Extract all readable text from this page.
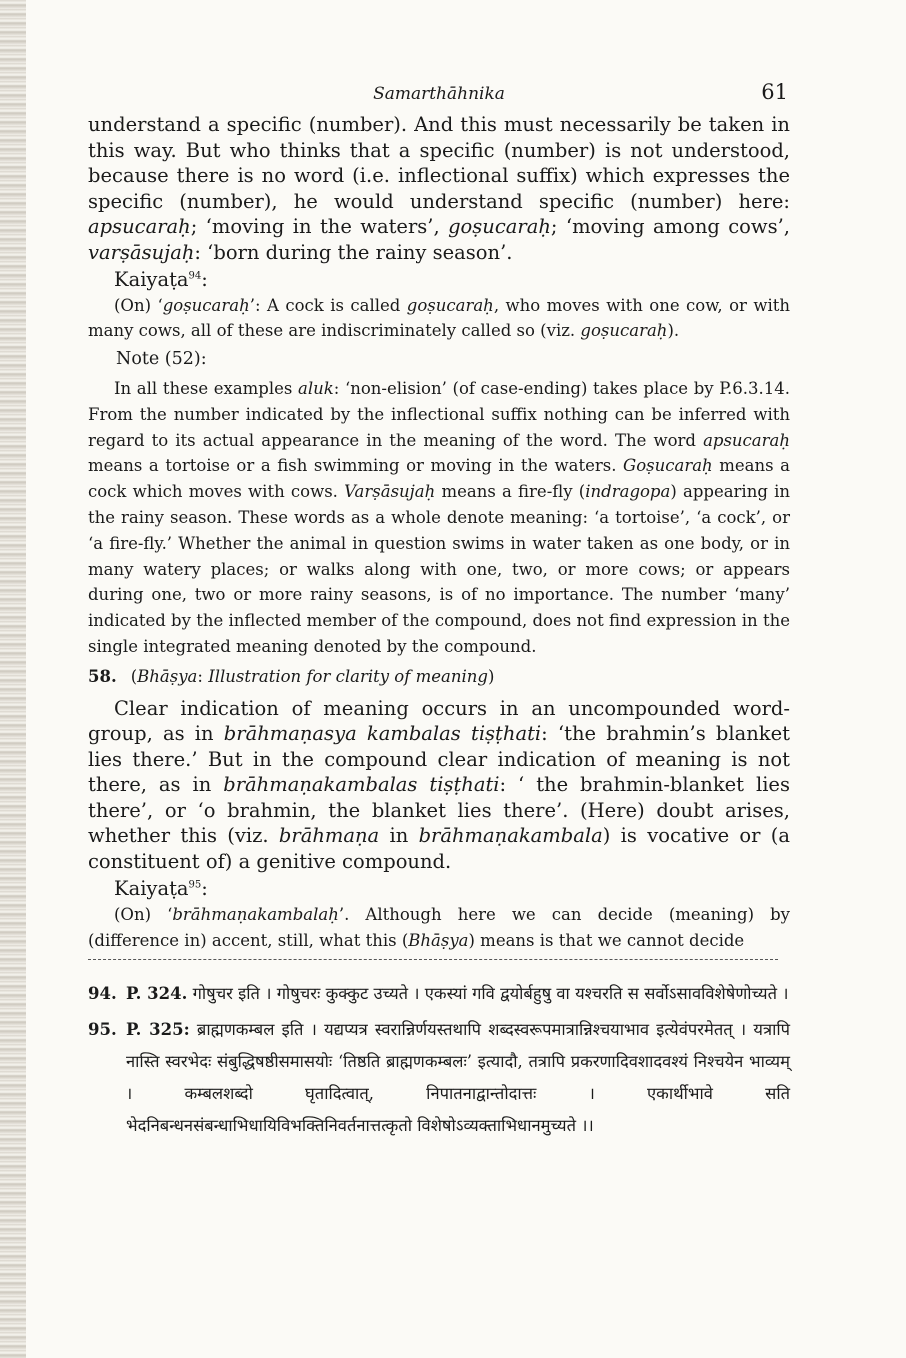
Samarthāhnika	61

understand a specific (number). And this must necessarily be taken in this way. But who thinks that a specific (number) is not understood, because there is no word (i.e. inflectional suffix) which expresses the specific (number), he would understand specific (number) here: apsucaraḥ; ‘moving in the waters’, goṣucaraḥ; ‘moving among cows’, varṣāsujaḥ: ‘born during the rainy season’.

Kaiyaṭa$^{94}$:

(On) ‘goṣucaraḥ’: A cock is called goṣucaraḥ, who moves with one cow, or with many cows, all of these are indiscriminately called so (viz. goṣucaraḥ).

Note (52):

In all these examples aluk: ‘non-elision’ (of case-ending) takes place by P.6.3.14. From the number indicated by the inflectional suffix nothing can be inferred with regard to its actual appearance in the meaning of the word. The word apsucaraḥ means a tortoise or a fish swimming or moving in the waters. Goṣucaraḥ means a cock which moves with cows. Varṣāsujaḥ means a fire-fly (indragopa) appearing in the rainy season. These words as a whole denote meaning: ‘a tortoise’, ‘a cock’, or ‘a fire-fly.’ Whether the animal in question swims in water taken as one body, or in many watery places; or walks along with one, two, or more cows; or appears during one, two or more rainy seasons, is of no importance. The number ‘many’ indicated by the inflected member of the compound, does not find expression in the single integrated meaning denoted by the compound.

58. (Bhāṣya: Illustration for clarity of meaning)

Clear indication of meaning occurs in an uncompounded word-group, as in brāhmaṇasya kambalas tiṣṭhati: ‘the brahmin’s blanket lies there.’ But in the compound clear indication of meaning is not there, as in brāhmaṇakambalas tiṣṭhati: ‘ the brahmin-blanket lies there’, or ‘o brahmin, the blanket lies there’. (Here) doubt arises, whether this (viz. brāhmaṇa in brāhmaṇakambala) is vocative or (a constituent of) a genitive compound.

Kaiyaṭa$^{95}$:

(On) ‘brāhmaṇakambalaḥ’. Although here we can decide (meaning) by (difference in) accent, still, what this (Bhāṣya) means is that we cannot decide

94. P. 324. गोषुचर इति । गोषुचरः कुक्कुट उच्यते । एकस्यां गवि द्वयोर्बहुषु वा यश्चरति स सर्वोऽसावविशेषेणोच्यते ।
95. P. 325: ब्राह्मणकम्बल इति । यद्यप्यत्र स्वरान्निर्णयस्तथापि शब्दस्वरूपमात्रान्निश्चयाभाव इत्येवंपरमेतत् । यत्रापि नास्ति स्वरभेदः संबुद्धिषष्ठीसमासयोः ‘तिष्ठति ब्राह्मणकम्बलः’ इत्यादौ, तत्रापि प्रकरणादिवशादवश्यं निश्चयेन भाव्यम् । कम्बलशब्दो घृतादित्वात्, निपातनाद्वान्तोदात्तः । एकार्थीभावे सति भेदनिबन्धनसंबन्धाभिधायिविभक्तिनिवर्तनात्तत्कृतो विशेषोऽव्यक्ताभिधानमुच्यते ।।
